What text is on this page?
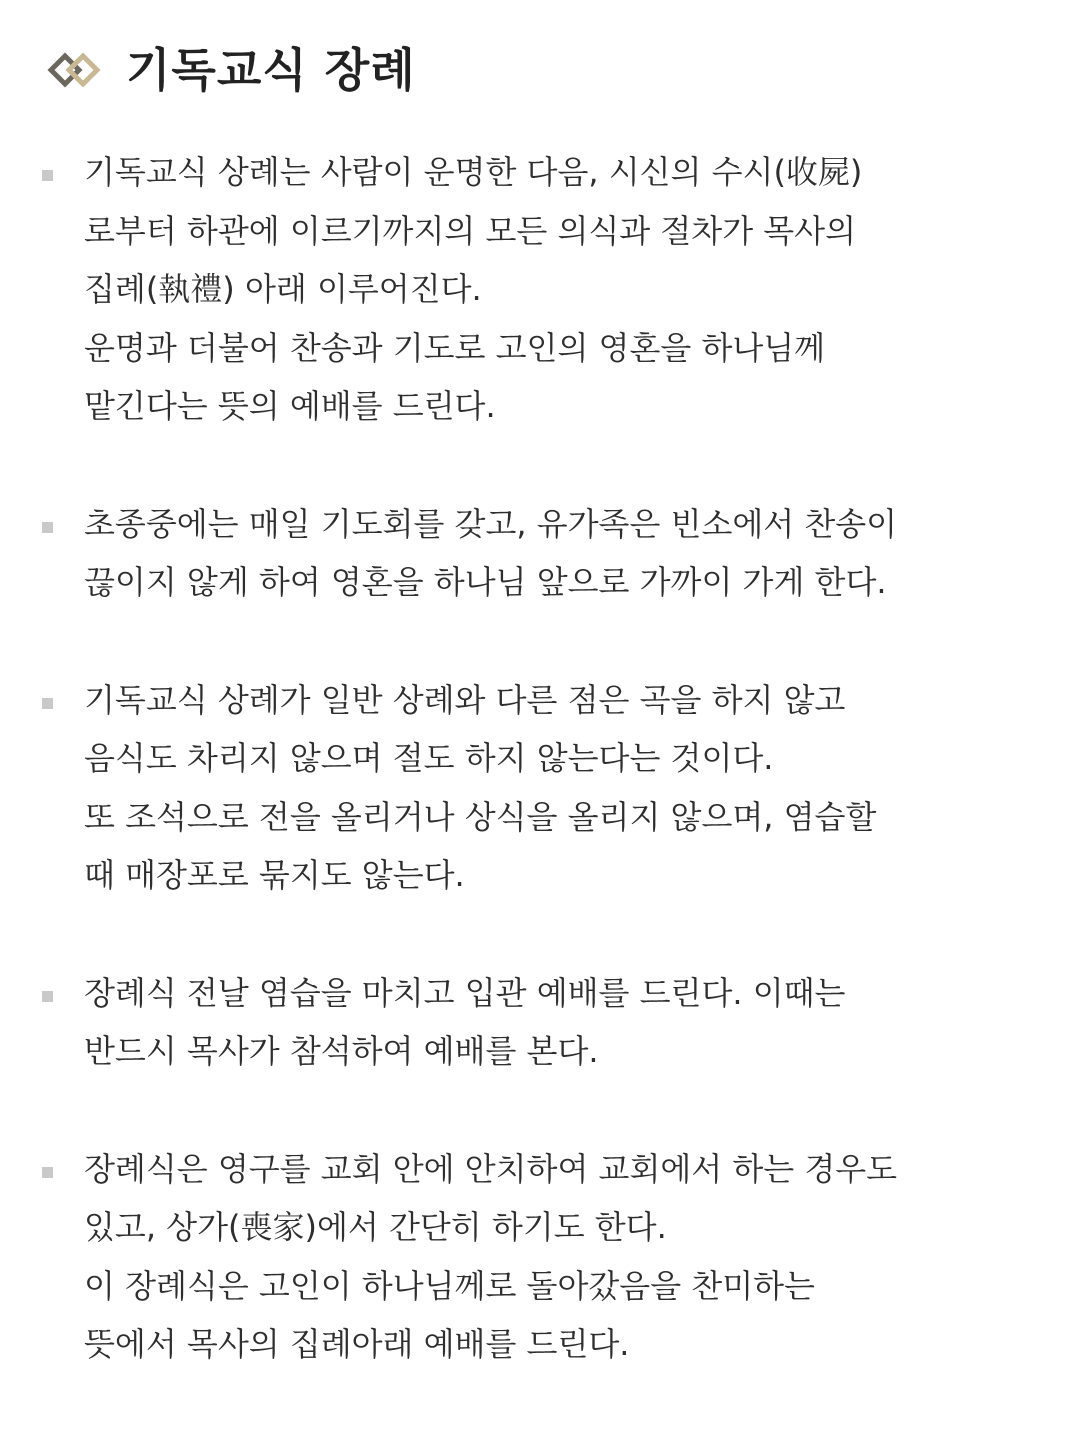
기독교식 장례
기독교식 상례는 사람이 운명한 다음, 시신의 수시(收屍)
로부터 하관에 이르기까지의 모든 의식과 절차가 목사의
집례(執禮) 아래 이루어진다.
운명과 더불어 찬송과 기도로 고인의 영혼을 하나님께
맡긴다는 뜻의 예배를 드린다.
초종중에는 매일 기도회를 갖고, 유가족은 빈소에서 찬송이
끊이지 않게 하여 영혼을 하나님 앞으로 가까이 가게 한다.
기독교식 상례가 일반 상례와 다른 점은 곡을 하지 않고
음식도 차리지 않으며 절도 하지 않는다는 것이다.
또 조석으로 전을 올리거나 상식을 올리지 않으며, 염습할
때 매장포로 묶지도 않는다.
장례식 전날 염습을 마치고 입관 예배를 드린다. 이때는
반드시 목사가 참석하여 예배를 본다.
장례식은 영구를 교회 안에 안치하여 교회에서 하는 경우도
있고, 상가(喪家)에서 간단히 하기도 한다.
이 장례식은 고인이 하나님께로 돌아갔음을 찬미하는
뜻에서 목사의 집례아래 예배를 드린다.
